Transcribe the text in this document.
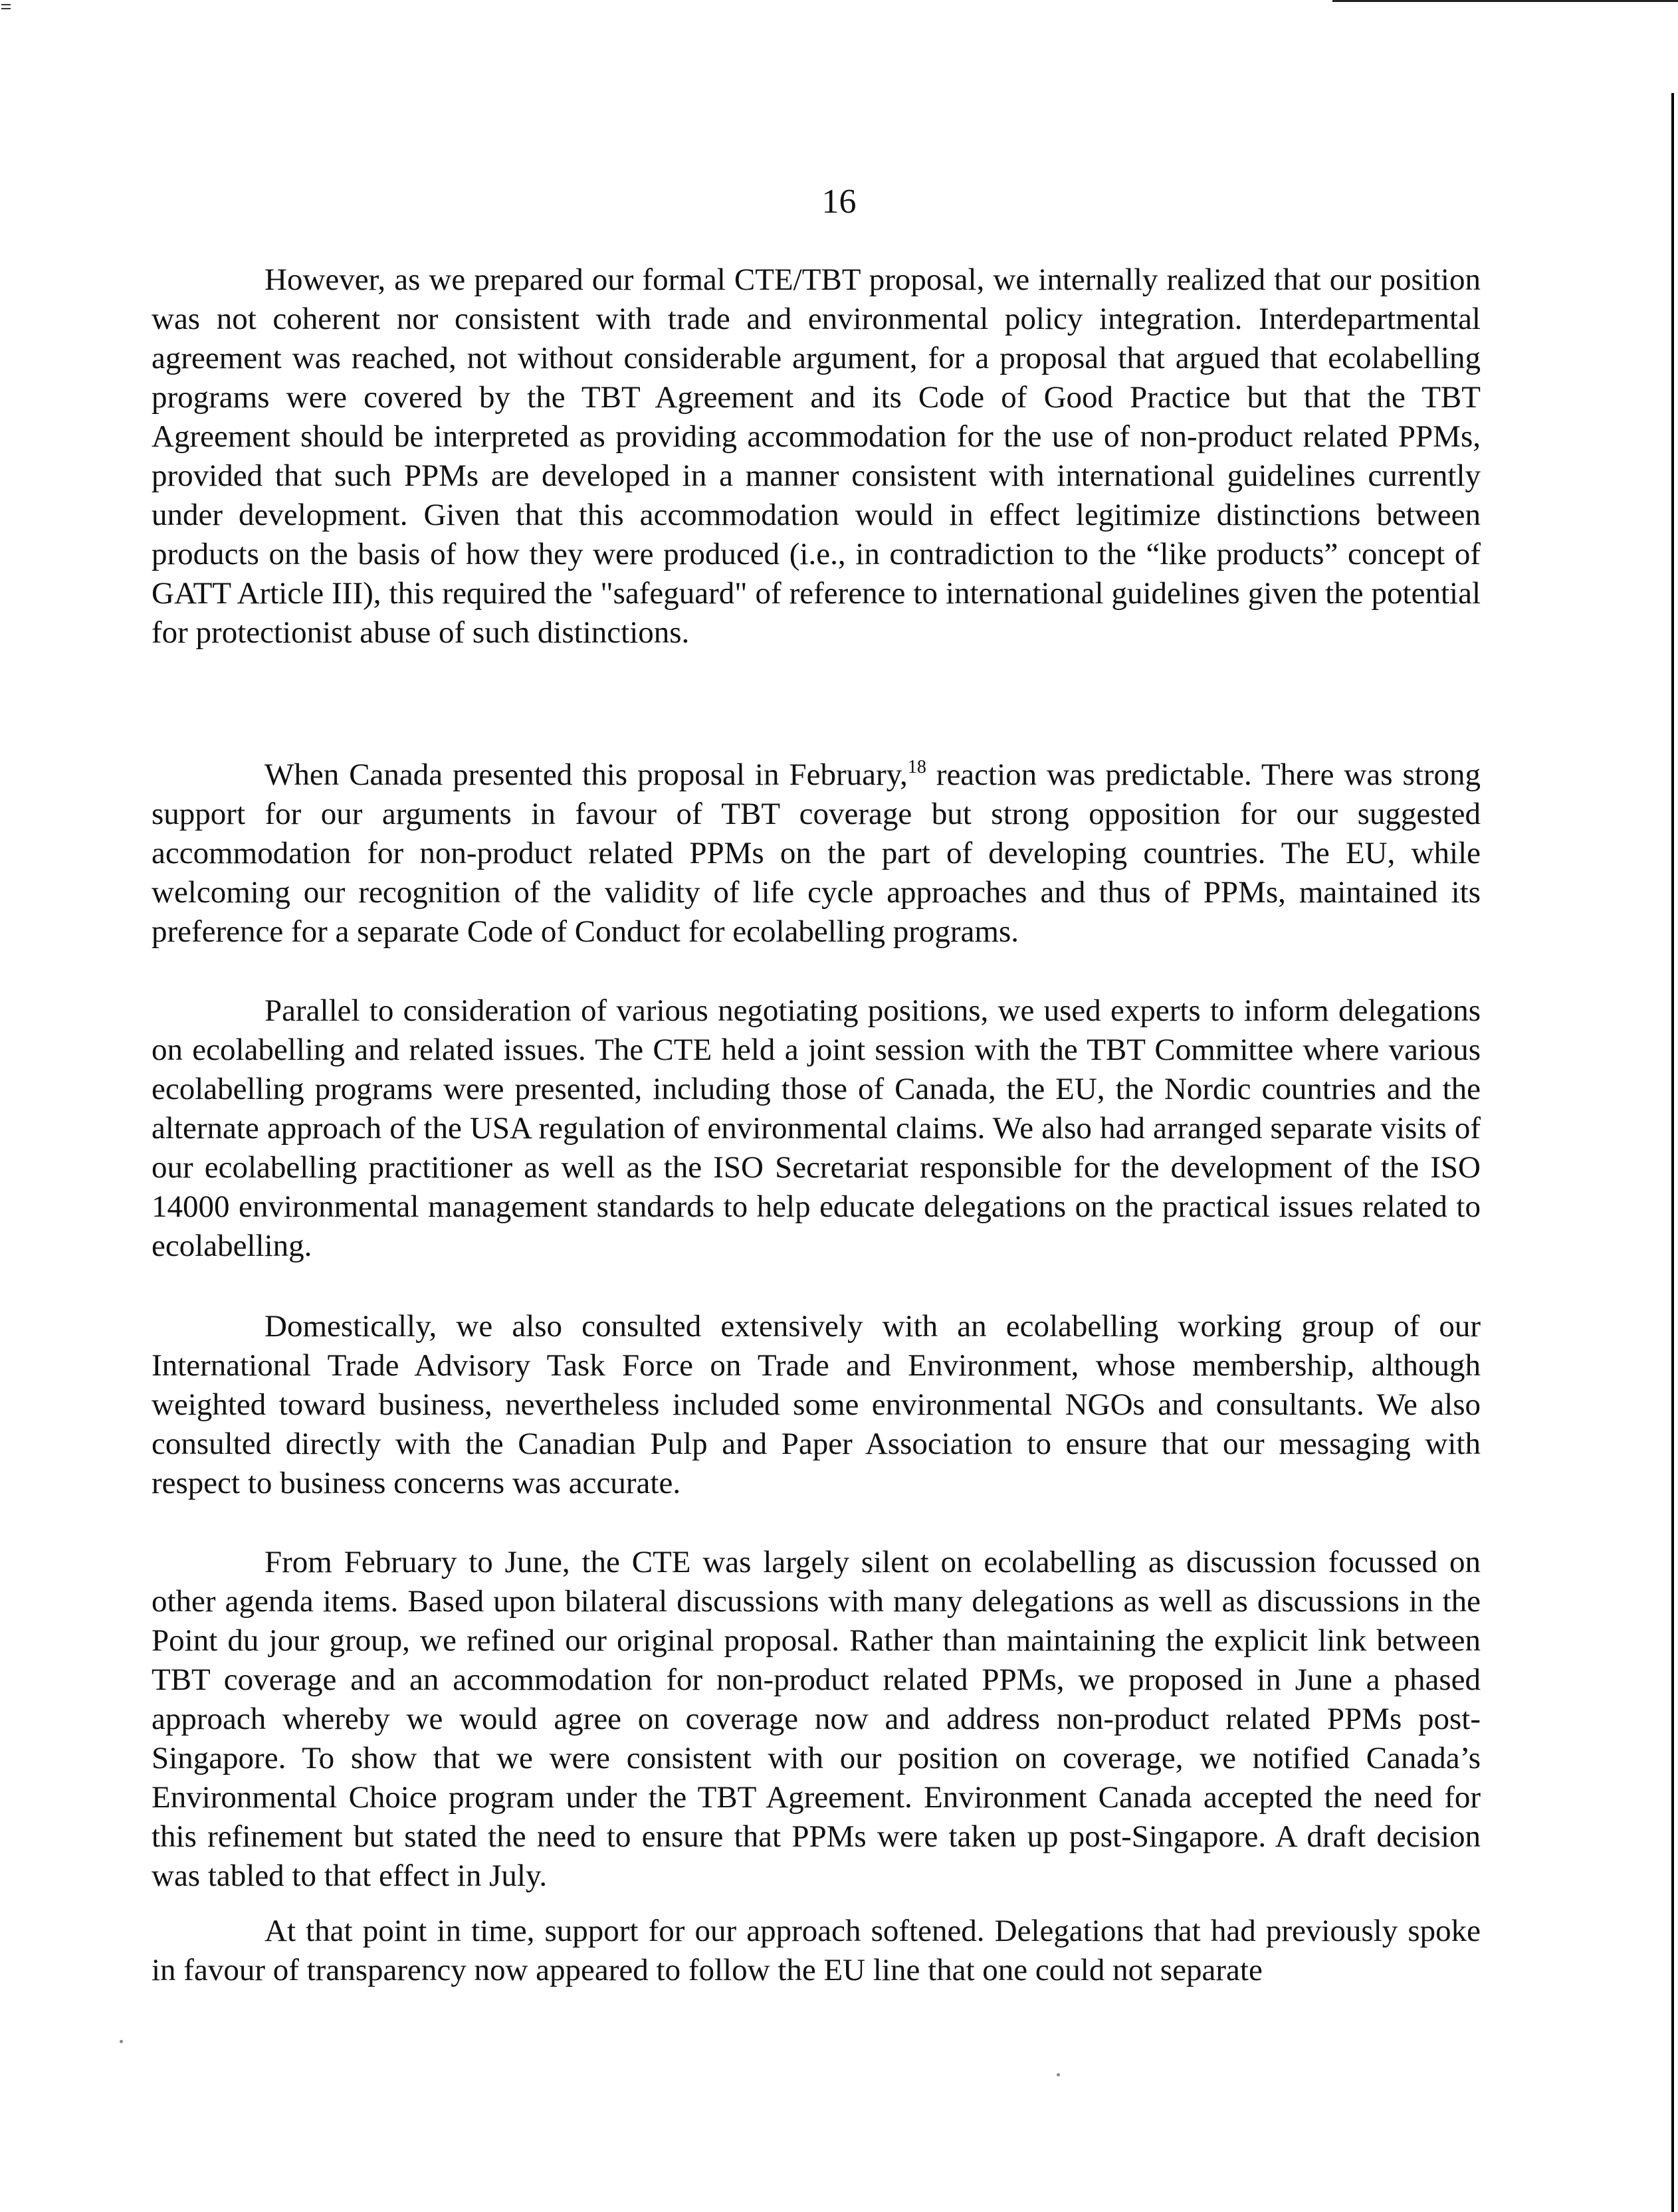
16

However, as we prepared our formal CTE/TBT proposal, we internally realized that our position was not coherent nor consistent with trade and environmental policy integration. Interdepartmental agreement was reached, not without considerable argument, for a proposal that argued that ecolabelling programs were covered by the TBT Agreement and its Code of Good Practice but that the TBT Agreement should be interpreted as providing accommodation for the use of non-product related PPMs, provided that such PPMs are developed in a manner consistent with international guidelines currently under development. Given that this accommodation would in effect legitimize distinctions between products on the basis of how they were produced (i.e., in contradiction to the “like products” concept of GATT Article III), this required the "safeguard" of reference to international guidelines given the potential for protectionist abuse of such distinctions.

When Canada presented this proposal in February,$^{18}$ reaction was predictable. There was strong support for our arguments in favour of TBT coverage but strong opposition for our suggested accommodation for non-product related PPMs on the part of developing countries. The EU, while welcoming our recognition of the validity of life cycle approaches and thus of PPMs, maintained its preference for a separate Code of Conduct for ecolabelling programs.

Parallel to consideration of various negotiating positions, we used experts to inform delegations on ecolabelling and related issues. The CTE held a joint session with the TBT Committee where various ecolabelling programs were presented, including those of Canada, the EU, the Nordic countries and the alternate approach of the USA regulation of environmental claims. We also had arranged separate visits of our ecolabelling practitioner as well as the ISO Secretariat responsible for the development of the ISO 14000 environmental management standards to help educate delegations on the practical issues related to ecolabelling.

Domestically, we also consulted extensively with an ecolabelling working group of our International Trade Advisory Task Force on Trade and Environment, whose membership, although weighted toward business, nevertheless included some environmental NGOs and consultants. We also consulted directly with the Canadian Pulp and Paper Association to ensure that our messaging with respect to business concerns was accurate.

From February to June, the CTE was largely silent on ecolabelling as discussion focussed on other agenda items. Based upon bilateral discussions with many delegations as well as discussions in the Point du jour group, we refined our original proposal. Rather than maintaining the explicit link between TBT coverage and an accommodation for non-product related PPMs, we proposed in June a phased approach whereby we would agree on coverage now and address non-product related PPMs post-Singapore. To show that we were consistent with our position on coverage, we notified Canada’s Environmental Choice program under the TBT Agreement. Environment Canada accepted the need for this refinement but stated the need to ensure that PPMs were taken up post-Singapore. A draft decision was tabled to that effect in July.

At that point in time, support for our approach softened. Delegations that had previously spoke in favour of transparency now appeared to follow the EU line that one could not separate
